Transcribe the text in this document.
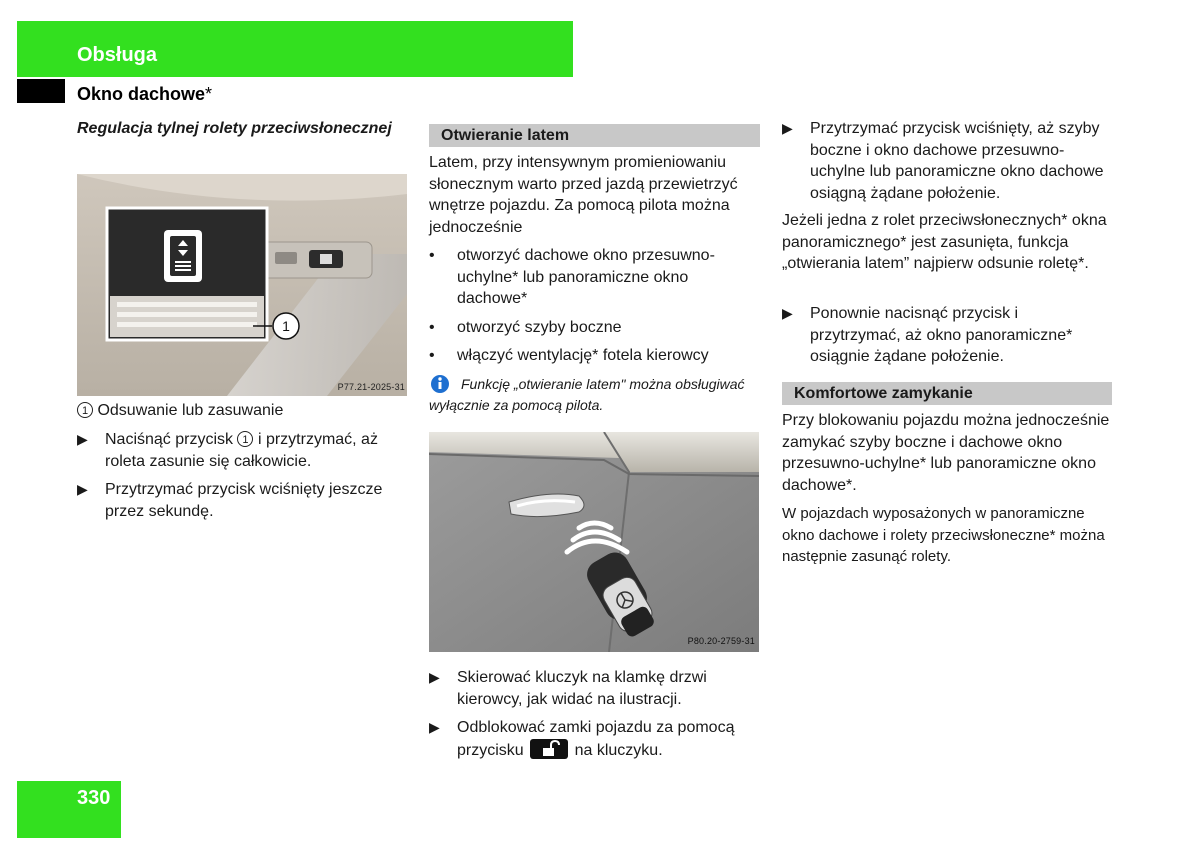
Obsługa
Okno dachowe*
Regulacja tylnej rolety przeciwsłonecznej
1
P77.21-2025-31
1 Odsuwanie lub zasuwanie
▶	Naciśnąć przycisk 1 i przytrzymać, aż roleta zasunie się całkowicie.
▶	Przytrzymać przycisk wciśnięty jeszcze przez sekundę.
Otwieranie latem
Latem, przy intensywnym promieniowaniu słonecznym warto przed jazdą przewietrzyć wnętrze pojazdu. Za pomocą pilota można jednocześnie
•	otworzyć dachowe okno przesuwno-uchylne* lub panoramiczne okno dachowe*
•	otworzyć szyby boczne
•	włączyć wentylację* fotela kierowcy
Funkcję „otwieranie latem" można obsługiwać wyłącznie za pomocą pilota.
P80.20-2759-31
▶	Skierować kluczyk na klamkę drzwi kierowcy, jak widać na ilustracji.
▶	Odblokować zamki pojazdu za pomocą przycisku	na kluczyku.
▶	Przytrzymać przycisk wciśnięty, aż szyby boczne i okno dachowe przesuwno-uchylne lub panoramiczne okno dachowe osiągną żądane położenie.
Jeżeli jedna z rolet przeciwsłonecznych* okna panoramicznego* jest zasunięta, funkcja „otwierania latem” najpierw odsunie roletę*.
▶	Ponownie nacisnąć przycisk i przytrzymać, aż okno panoramiczne* osiągnie żądane położenie.
Komfortowe zamykanie
Przy blokowaniu pojazdu można jednocześnie zamykać szyby boczne i dachowe okno przesuwno-uchylne* lub panoramiczne okno dachowe*.
W pojazdach wyposażonych w panoramiczne okno dachowe i rolety przeciwsłoneczne* można następnie zasunąć rolety.
330
